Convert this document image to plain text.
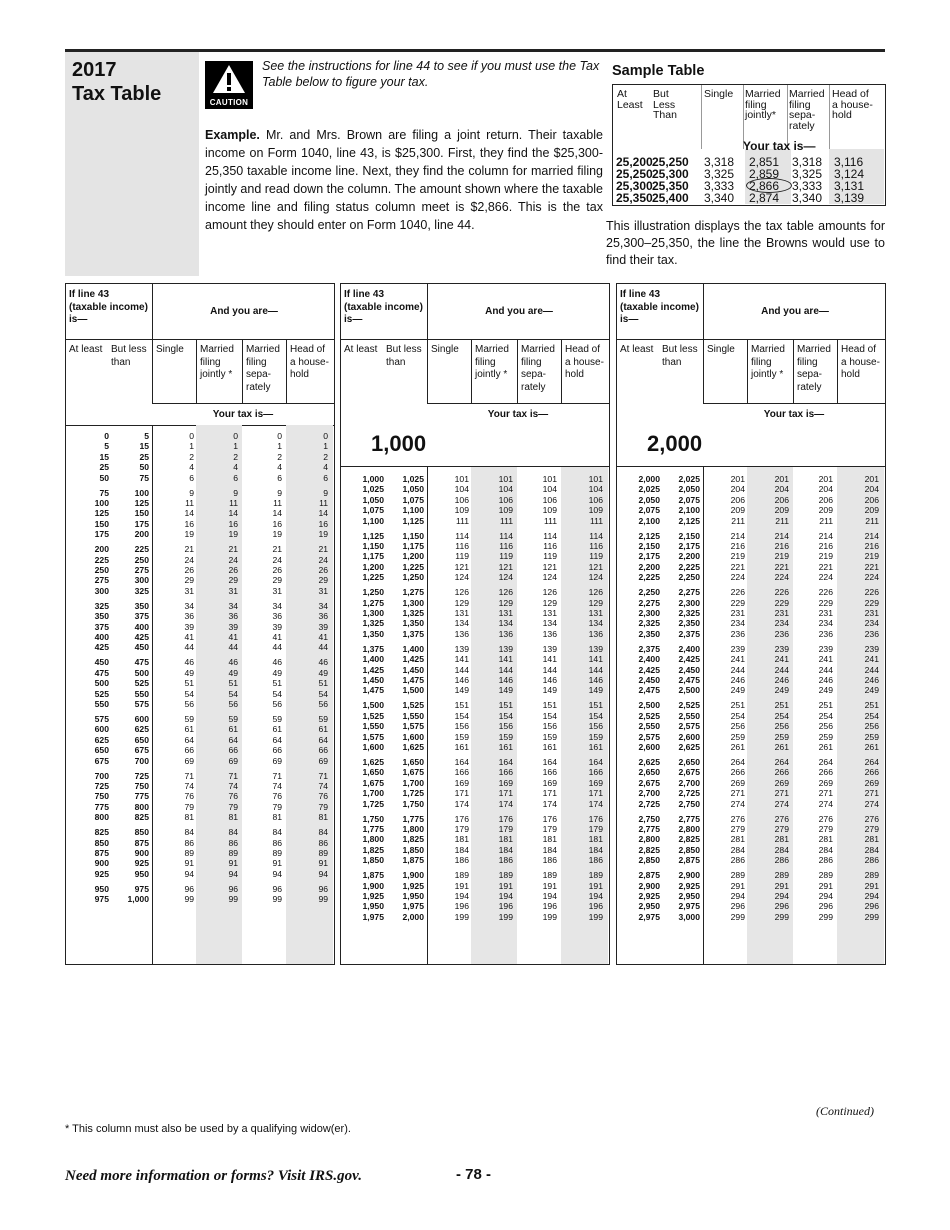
2017
Tax Table	CAUTION
See the instructions for line 44 to see if you must use the Tax Table below to figure your tax.
Example. Mr. and Mrs. Brown are filing a joint return. Their taxable income on Form 1040, line 43, is $25,300. First, they find the $25,300-25,350 taxable income line. Next, they find the column for married filing jointly and read down the column. The amount shown where the taxable income line and filing status column meet is $2,866. This is the tax amount they should enter on Form 1040, line 44.
Sample Table
At Least
But Less Than
Single Married filing jointly*
Married filing sepa-rately
Head of a house-hold
Your tax is—
25,200 25,250 3,318 2,851 3,318 3,116
25,250 25,300 3,325 2,859 3,325 3,124
25,300 25,350 3,333 2,866 3,333 3,131
25,350 25,400 3,340 2,874 3,340 3,139
This illustration displays the tax table amounts for 25,300–25,350, the line the Browns would use to find their tax.
If line 43 (taxable income) is—
And you are—
At least But less than
Single Married filing jointly *
Married filing sepa-rately
Head of a house-hold
Your tax is—
0	5	0	0	0	0
5	15	1	1	1	1
15	25	2	2	2	2
25	50	4	4	4	4
50	75	6	6	6	6
75	100	9	9	9	9
100	125	11	11	11	11
125	150	14	14	14	14
150	175	16	16	16	16
175	200	19	19	19	19
200	225	21	21	21	21
225	250	24	24	24	24
250	275	26	26	26	26
275	300	29	29	29	29
300	325	31	31	31	31
325	350	34	34	34	34
350	375	36	36	36	36
375	400	39	39	39	39
400	425	41	41	41	41
425	450	44	44	44	44
450	475	46	46	46	46
475	500	49	49	49	49
500	525	51	51	51	51
525	550	54	54	54	54
550	575	56	56	56	56
575	600	59	59	59	59
600	625	61	61	61	61
625	650	64	64	64	64
650	675	66	66	66	66
675	700	69	69	69	69
700	725	71	71	71	71
725	750	74	74	74	74
750	775	76	76	76	76
775	800	79	79	79	79
800	825	81	81	81	81
825	850	84	84	84	84
850	875	86	86	86	86
875	900	89	89	89	89
900	925	91	91	91	91
925	950	94	94	94	94
950	975	96	96	96	96
975	1,000	99	99	99	99
If line 43 (taxable income) is—
And you are—
At least But less than
Single Married filing jointly *
Married filing sepa-rately
Head of a house-hold
Your tax is—
1,000
1,000	1,025	101	101	101	101
1,025	1,050	104	104	104	104
1,050	1,075	106	106	106	106
1,075	1,100	109	109	109	109
1,100	1,125	111	111	111	111
1,125	1,150	114	114	114	114
1,150	1,175	116	116	116	116
1,175	1,200	119	119	119	119
1,200	1,225	121	121	121	121
1,225	1,250	124	124	124	124
1,250	1,275	126	126	126	126
1,275	1,300	129	129	129	129
1,300	1,325	131	131	131	131
1,325	1,350	134	134	134	134
1,350	1,375	136	136	136	136
1,375	1,400	139	139	139	139
1,400	1,425	141	141	141	141
1,425	1,450	144	144	144	144
1,450	1,475	146	146	146	146
1,475	1,500	149	149	149	149
1,500	1,525	151	151	151	151
1,525	1,550	154	154	154	154
1,550	1,575	156	156	156	156
1,575	1,600	159	159	159	159
1,600	1,625	161	161	161	161
1,625	1,650	164	164	164	164
1,650	1,675	166	166	166	166
1,675	1,700	169	169	169	169
1,700	1,725	171	171	171	171
1,725	1,750	174	174	174	174
1,750	1,775	176	176	176	176
1,775	1,800	179	179	179	179
1,800	1,825	181	181	181	181
1,825	1,850	184	184	184	184
1,850	1,875	186	186	186	186
1,875	1,900	189	189	189	189
1,900	1,925	191	191	191	191
1,925	1,950	194	194	194	194
1,950	1,975	196	196	196	196
1,975	2,000	199	199	199	199
If line 43 (taxable income) is—
And you are—
At least But less than
Single Married filing jointly *
Married filing sepa-rately
Head of a house-hold
Your tax is—
2,000
2,000	2,025	201	201	201	201
2,025	2,050	204	204	204	204
2,050	2,075	206	206	206	206
2,075	2,100	209	209	209	209
2,100	2,125	211	211	211	211
2,125	2,150	214	214	214	214
2,150	2,175	216	216	216	216
2,175	2,200	219	219	219	219
2,200	2,225	221	221	221	221
2,225	2,250	224	224	224	224
2,250	2,275	226	226	226	226
2,275	2,300	229	229	229	229
2,300	2,325	231	231	231	231
2,325	2,350	234	234	234	234
2,350	2,375	236	236	236	236
2,375	2,400	239	239	239	239
2,400	2,425	241	241	241	241
2,425	2,450	244	244	244	244
2,450	2,475	246	246	246	246
2,475	2,500	249	249	249	249
2,500	2,525	251	251	251	251
2,525	2,550	254	254	254	254
2,550	2,575	256	256	256	256
2,575	2,600	259	259	259	259
2,600	2,625	261	261	261	261
2,625	2,650	264	264	264	264
2,650	2,675	266	266	266	266
2,675	2,700	269	269	269	269
2,700	2,725	271	271	271	271
2,725	2,750	274	274	274	274
2,750	2,775	276	276	276	276
2,775	2,800	279	279	279	279
2,800	2,825	281	281	281	281
2,825	2,850	284	284	284	284
2,850	2,875	286	286	286	286
2,875	2,900	289	289	289	289
2,900	2,925	291	291	291	291
2,925	2,950	294	294	294	294
2,950	2,975	296	296	296	296
2,975	3,000	299	299	299	299
(Continued)
* This column must also be used by a qualifying widow(er).
Need more information or forms? Visit IRS.gov.	- 78 -
